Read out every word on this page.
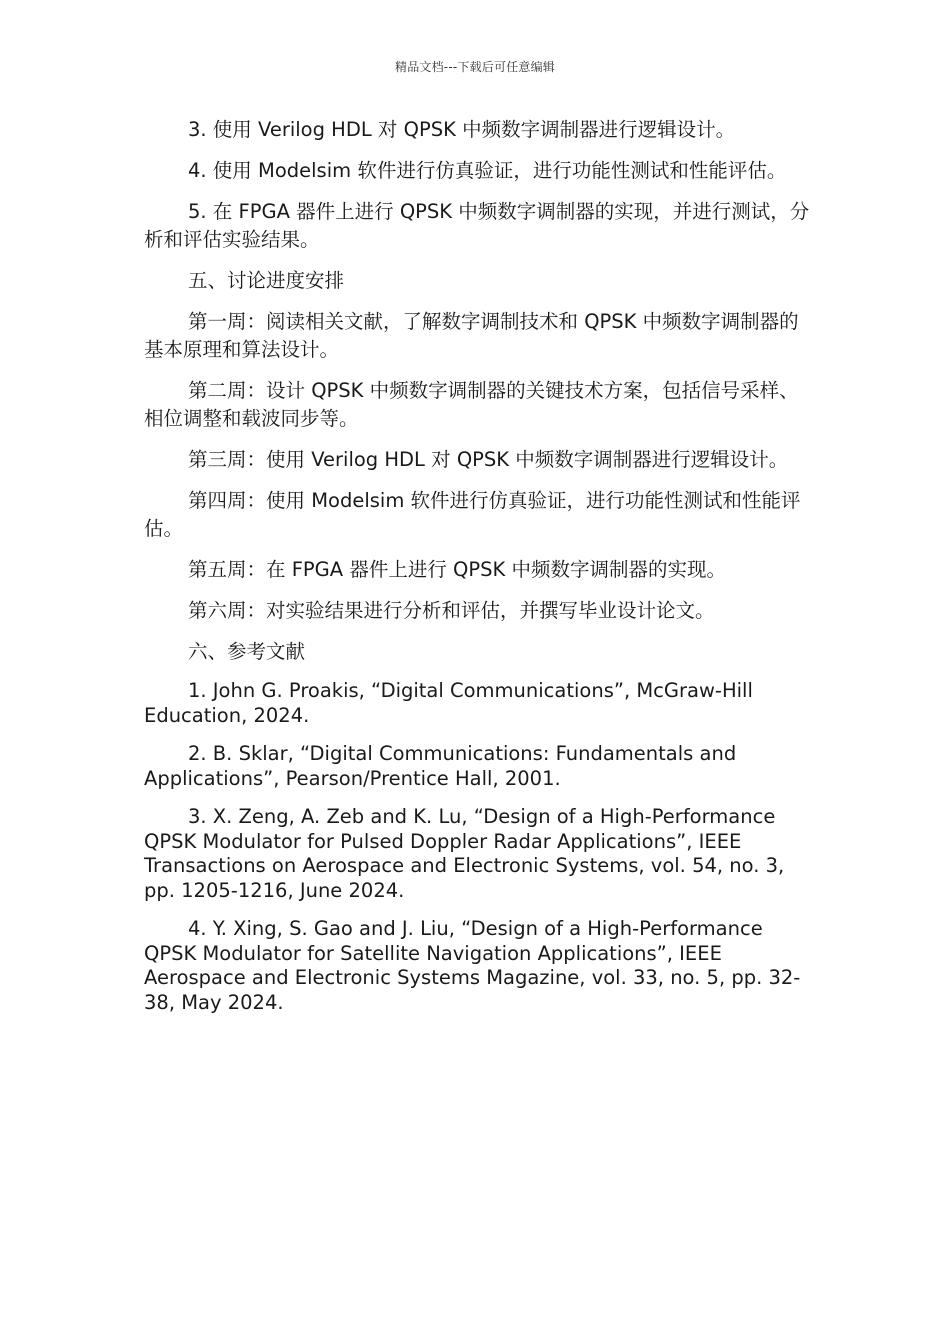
精品文档---下载后可任意编辑

3. 使用 Verilog HDL 对 QPSK 中频数字调制器进行逻辑设计。

4. 使用 Modelsim 软件进行仿真验证，进行功能性测试和性能评估。

5. 在 FPGA 器件上进行 QPSK 中频数字调制器的实现，并进行测试，分析和评估实验结果。

五、讨论进度安排

第一周：阅读相关文献，了解数字调制技术和 QPSK 中频数字调制器的基本原理和算法设计。

第二周：设计 QPSK 中频数字调制器的关键技术方案，包括信号采样、相位调整和载波同步等。

第三周：使用 Verilog HDL 对 QPSK 中频数字调制器进行逻辑设计。

第四周：使用 Modelsim 软件进行仿真验证，进行功能性测试和性能评估。

第五周：在 FPGA 器件上进行 QPSK 中频数字调制器的实现。

第六周：对实验结果进行分析和评估，并撰写毕业设计论文。

六、参考文献

1. John G. Proakis, “Digital Communications”, McGraw-Hill Education, 2024.

2. B. Sklar, “Digital Communications: Fundamentals and Applications”, Pearson/Prentice Hall, 2001.

3. X. Zeng, A. Zeb and K. Lu, “Design of a High-Performance QPSK Modulator for Pulsed Doppler Radar Applications”, IEEE Transactions on Aerospace and Electronic Systems, vol. 54, no. 3, pp. 1205-1216, June 2024.

4. Y. Xing, S. Gao and J. Liu, “Design of a High-Performance QPSK Modulator for Satellite Navigation Applications”, IEEE Aerospace and Electronic Systems Magazine, vol. 33, no. 5, pp. 32-38, May 2024.
